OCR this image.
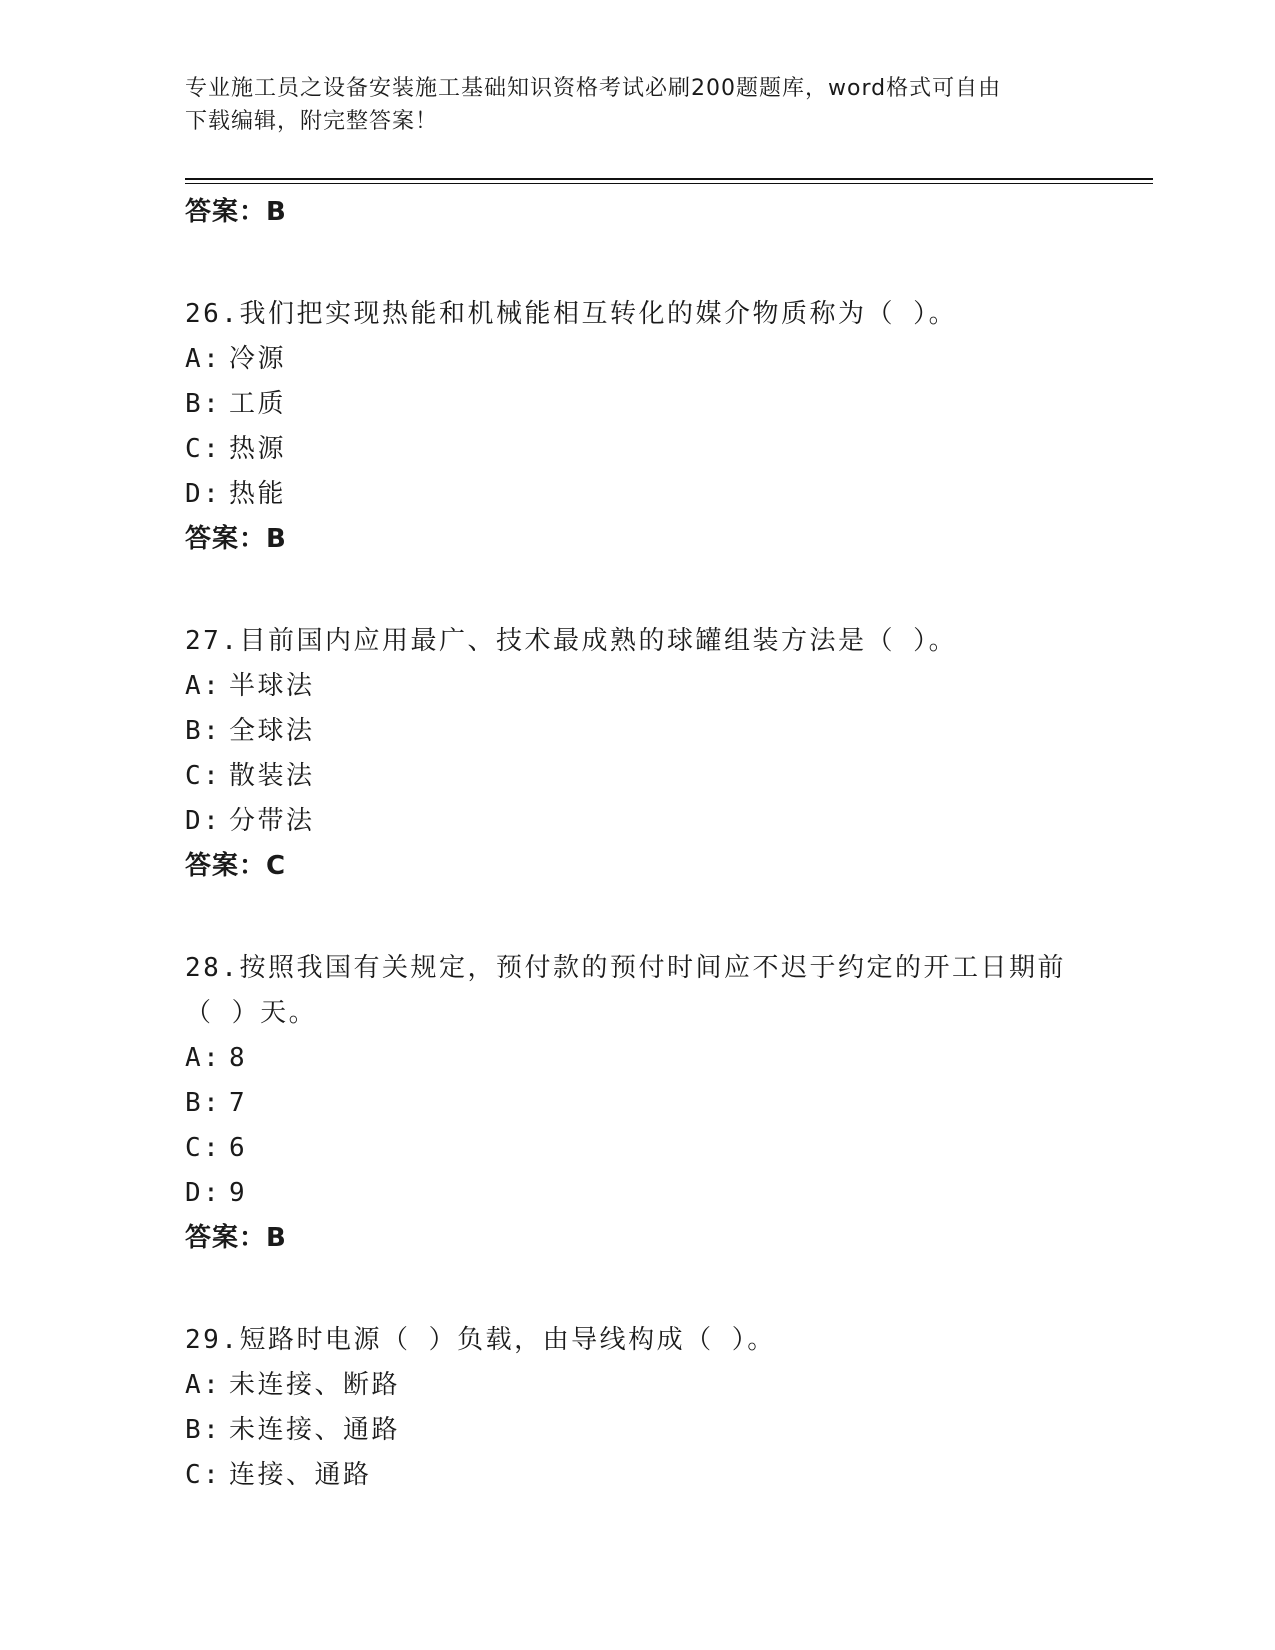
专业施工员之设备安装施工基础知识资格考试必刷200题题库，word格式可自由
下载编辑，附完整答案！
答案：B
26.我们把实现热能和机械能相互转化的媒介物质称为（ ）。
A: 冷源
B: 工质
C: 热源
D: 热能
答案：B
27.目前国内应用最广、技术最成熟的球罐组装方法是（ ）。
A: 半球法
B: 全球法
C: 散装法
D: 分带法
答案：C
28.按照我国有关规定，预付款的预付时间应不迟于约定的开工日期前（ ）天。
A: 8
B: 7
C: 6
D: 9
答案：B
29.短路时电源（ ）负载，由导线构成（ ）。
A: 未连接、断路
B: 未连接、通路
C: 连接、通路
